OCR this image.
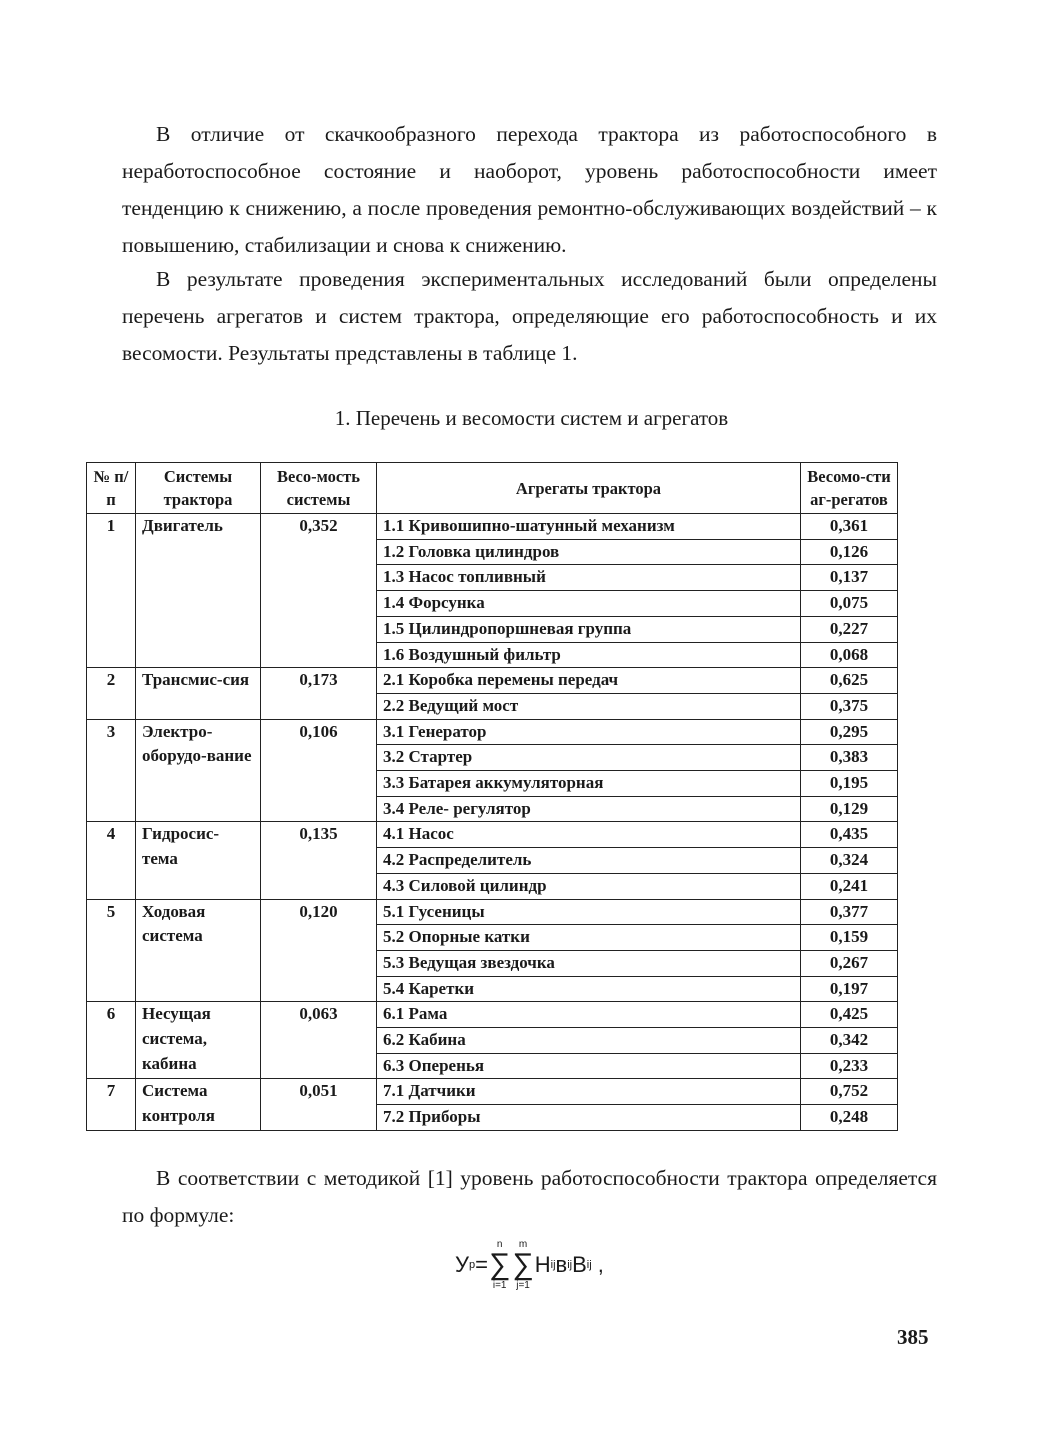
В отличие от скачкообразного перехода трактора из работоспособного в неработоспособное состояние и наоборот, уровень работоспособности имеет тенденцию к снижению, а после проведения ремонтно-обслуживающих воздействий – к повышению, стабилизации и снова к снижению.

В результате проведения экспериментальных исследований были определены перечень агрегатов и систем трактора, определяющие его работоспособность и их весомости. Результаты представлены в таблице 1.

1. Перечень и весомости систем и агрегатов

№ п/п	Системы трактора	Весо-мость системы	Агрегаты трактора	Весомо-сти аг-регатов
1	Двигатель	0,352	1.1 Кривошипно-шатунный механизм	0,361
			1.2 Головка цилиндров	0,126
			1.3 Насос топливный	0,137
			1.4 Форсунка	0,075
			1.5 Цилиндропоршневая группа	0,227
			1.6 Воздушный фильтр	0,068
2	Трансмис-сия	0,173	2.1 Коробка перемены передач	0,625
			2.2 Ведущий мост	0,375
3	Электро-оборудо-вание	0,106	3.1 Генератор	0,295
			3.2 Стартер	0,383
			3.3 Батарея аккумуляторная	0,195
			3.4 Реле- регулятор	0,129
4	Гидросис-тема	0,135	4.1 Насос	0,435
			4.2 Распределитель	0,324
			4.3 Силовой цилиндр	0,241
5	Ходовая система	0,120	5.1 Гусеницы	0,377
			5.2 Опорные катки	0,159
			5.3 Ведущая звездочка	0,267
			5.4 Каретки	0,197
6	Несущая система, кабина	0,063	6.1 Рама	0,425
			6.2 Кабина	0,342
			6.3 Оперенья	0,233
7	Система контроля	0,051	7.1 Датчики	0,752
			7.2 Приборы	0,248

В соответствии с методикой [1] уровень работоспособности трактора определяется по формуле:

У р =
n
∑
i=1
m
∑
j=1
Н ij в ij В ij ,
385
